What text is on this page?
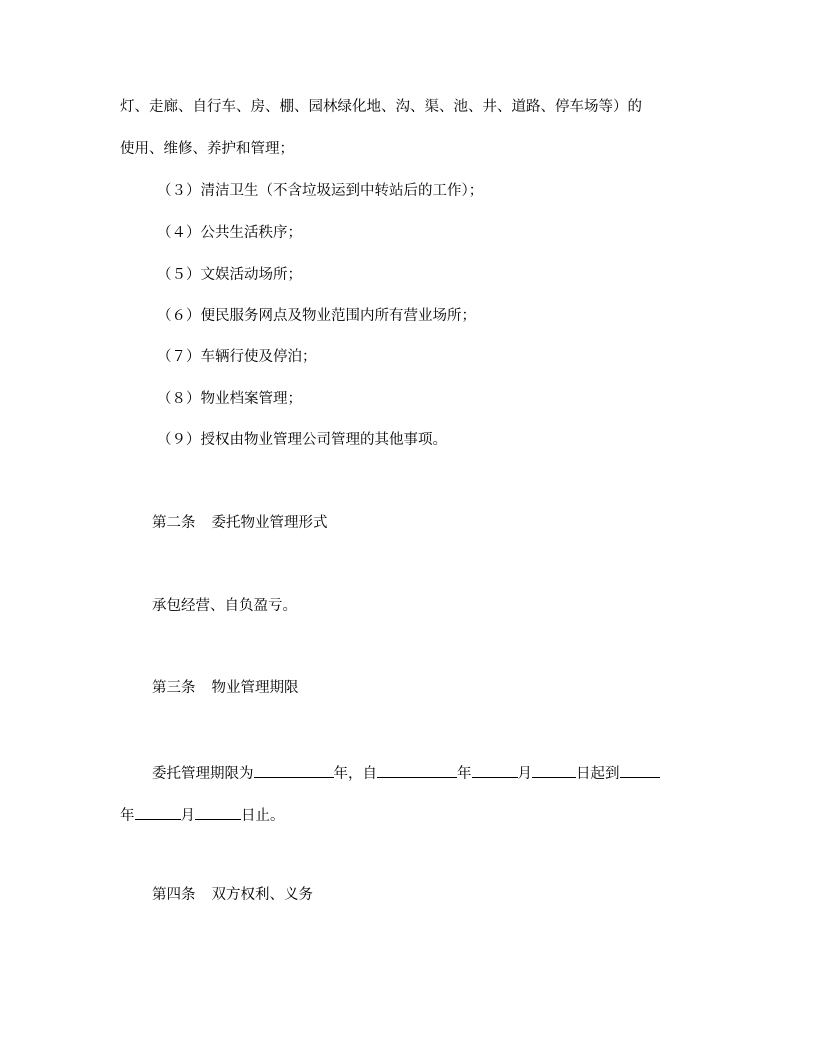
灯、走廊、自行车、房、棚、园林绿化地、沟、渠、池、井、道路、停车场等）的
使用、维修、养护和管理；
（３）清洁卫生（不含垃圾运到中转站后的工作）；
（４）公共生活秩序；
（５）文娱活动场所；
（６）便民服务网点及物业范围内所有营业场所；
（７）车辆行使及停泊；
（８）物业档案管理；
（９）授权由物业管理公司管理的其他事项。
第二条 委托物业管理形式
承包经营、自负盈亏。
第三条 物业管理期限
委托管理期限为	年，自	年	月	日起到
年	月	日止。
第四条 双方权利、义务
